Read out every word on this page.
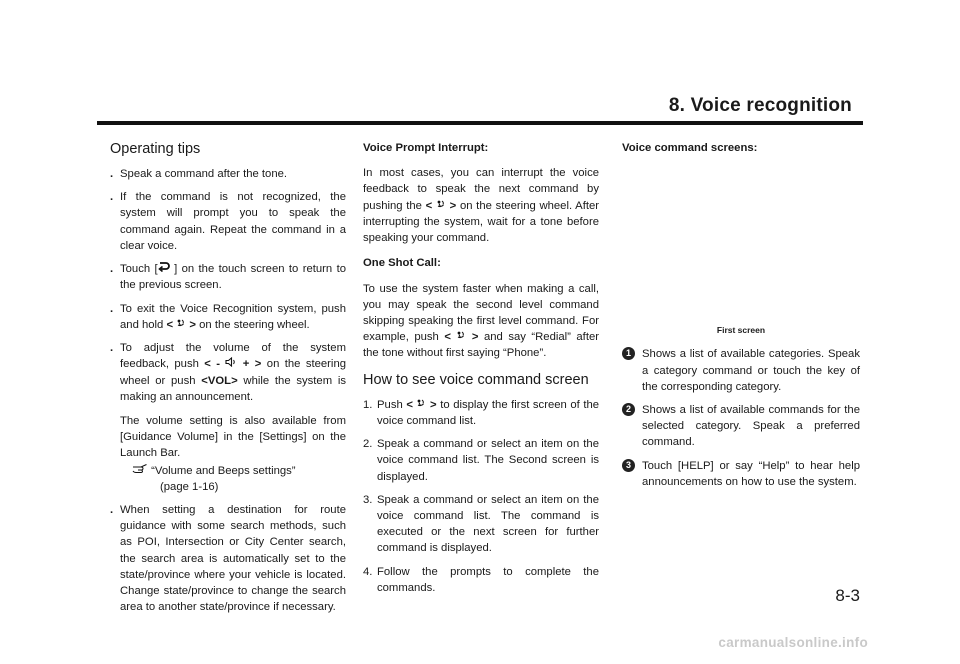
8. Voice recognition
Operating tips
. Speak a command after the tone.
. If the command is not recognized, the system will prompt you to speak the command again. Repeat the command in a clear voice.
. Touch [ ] on the touch screen to return to the previous screen.
. To exit the Voice Recognition system, push and hold < > on the steering wheel.
. To adjust the volume of the system feedback, push < - + > on the steering wheel or push <VOL> while the system is making an announcement.
The volume setting is also available from [Guidance Volume] in the [Settings] on the Launch Bar.
“Volume and Beeps settings”
(page 1-16)
. When setting a destination for route guidance with some search methods, such as POI, Intersection or City Center search, the search area is automatically set to the state/province where your vehicle is located. Change state/province to change the search area to another state/province if necessary.
Voice Prompt Interrupt:

In most cases, you can interrupt the voice feedback to speak the next command by pushing the < > on the steering wheel. After interrupting the system, wait for a tone before speaking your command.

One Shot Call:

To use the system faster when making a call, you may speak the second level command skipping speaking the first level command. For example, push < > and say “Redial” after the tone without first saying “Phone”.

How to see voice command screen
1. Push < > to display the first screen of the voice command list.
2. Speak a command or select an item on the voice command list. The Second screen is displayed.
3. Speak a command or select an item on the voice command list. The command is executed or the next screen for further command is displayed.
4. Follow the prompts to complete the commands.
Voice command screens:
First screen
1 Shows a list of available categories. Speak a category command or touch the key of the corresponding category.
2 Shows a list of available commands for the selected category. Speak a preferred command.
3 Touch [HELP] or say “Help” to hear help announcements on how to use the system.
8-3
carmanualsonline.info
